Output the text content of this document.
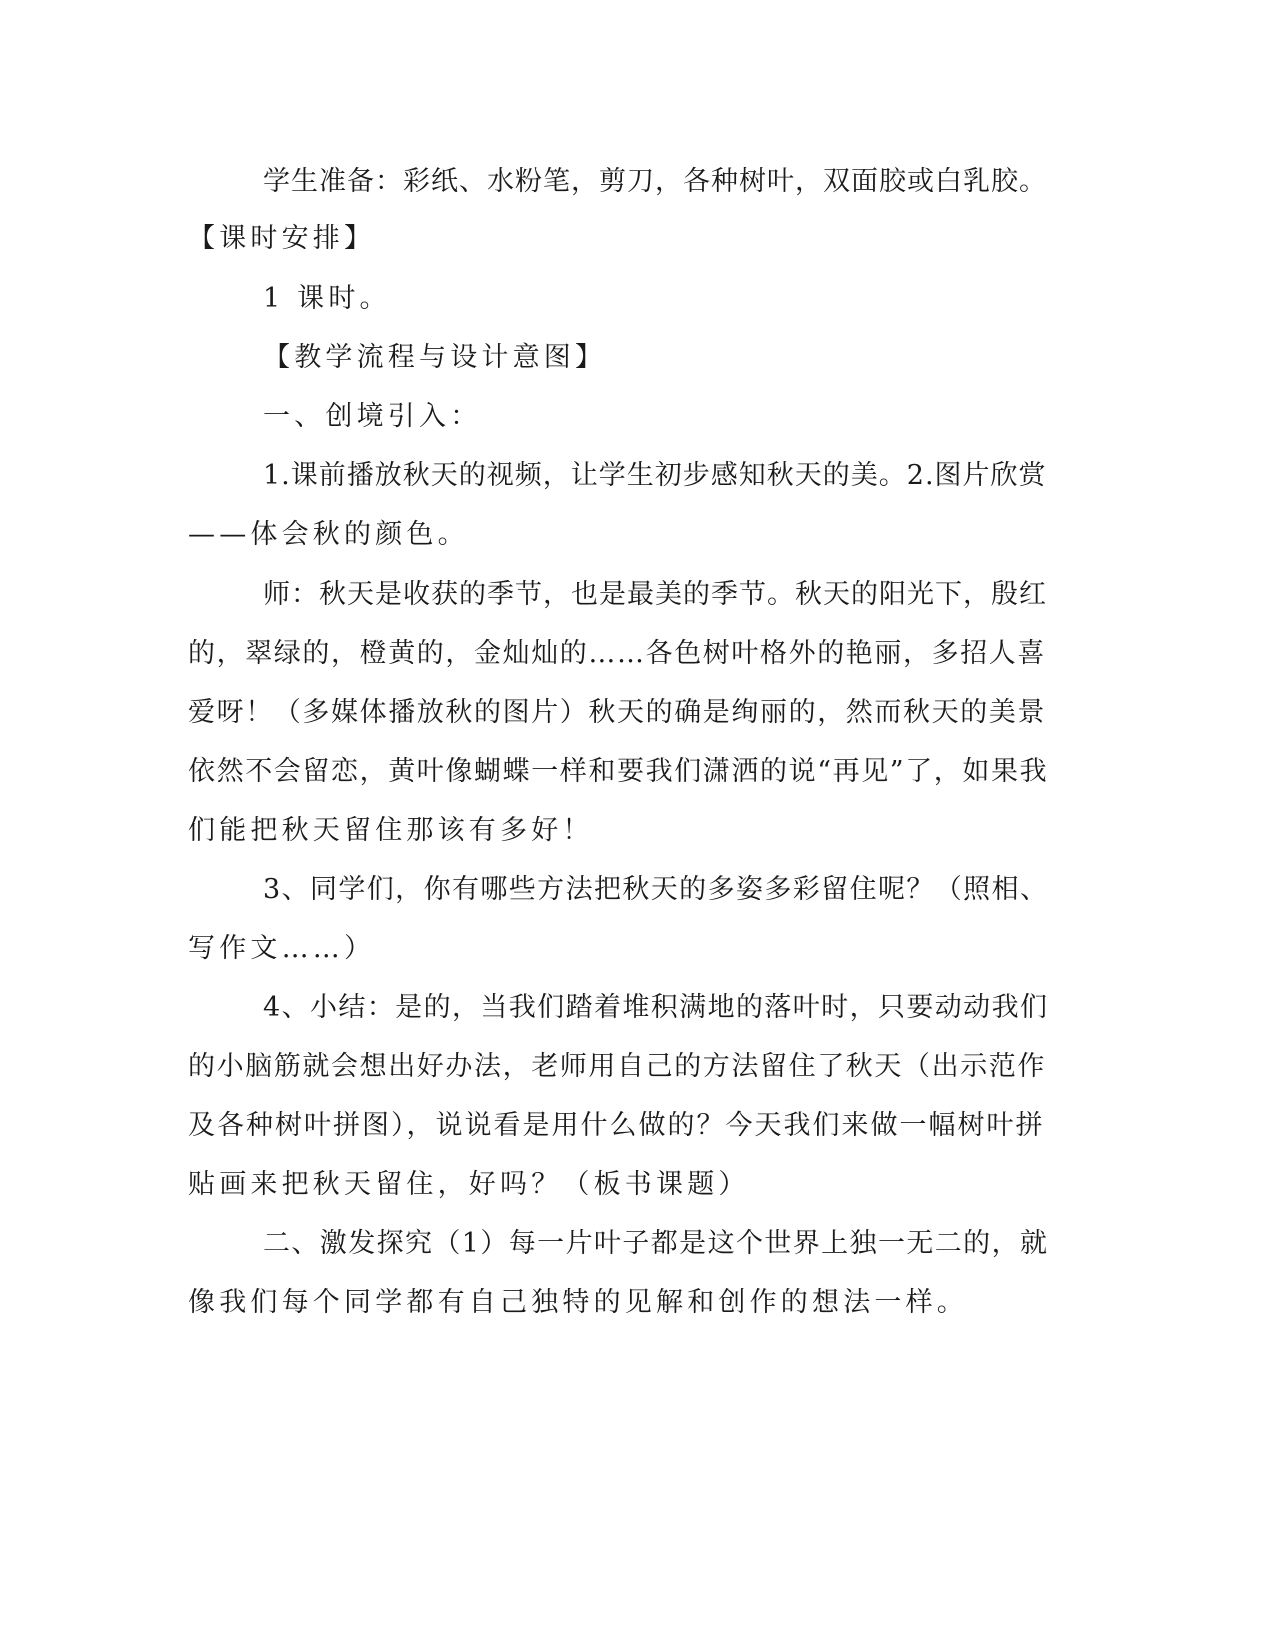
学生准备：彩纸、水粉笔，剪刀，各种树叶，双面胶或白乳胶。
【课时安排】
1 课时。
【教学流程与设计意图】
一、创境引入：
1.课前播放秋天的视频，让学生初步感知秋天的美。2.图片欣赏
——体会秋的颜色。
师：秋天是收获的季节，也是最美的季节。秋天的阳光下，殷红
的，翠绿的，橙黄的，金灿灿的……各色树叶格外的艳丽，多招人喜
爱呀！（多媒体播放秋的图片）秋天的确是绚丽的，然而秋天的美景
依然不会留恋，黄叶像蝴蝶一样和要我们潇洒的说“再见”了，如果我
们能把秋天留住那该有多好！
3、同学们，你有哪些方法把秋天的多姿多彩留住呢？（照相、
写作文……）
4、小结：是的，当我们踏着堆积满地的落叶时，只要动动我们
的小脑筋就会想出好办法，老师用自己的方法留住了秋天（出示范作
及各种树叶拼图），说说看是用什么做的？今天我们来做一幅树叶拼
贴画来把秋天留住，好吗？（板书课题）
二、激发探究（1）每一片叶子都是这个世界上独一无二的，就
像我们每个同学都有自己独特的见解和创作的想法一样。
